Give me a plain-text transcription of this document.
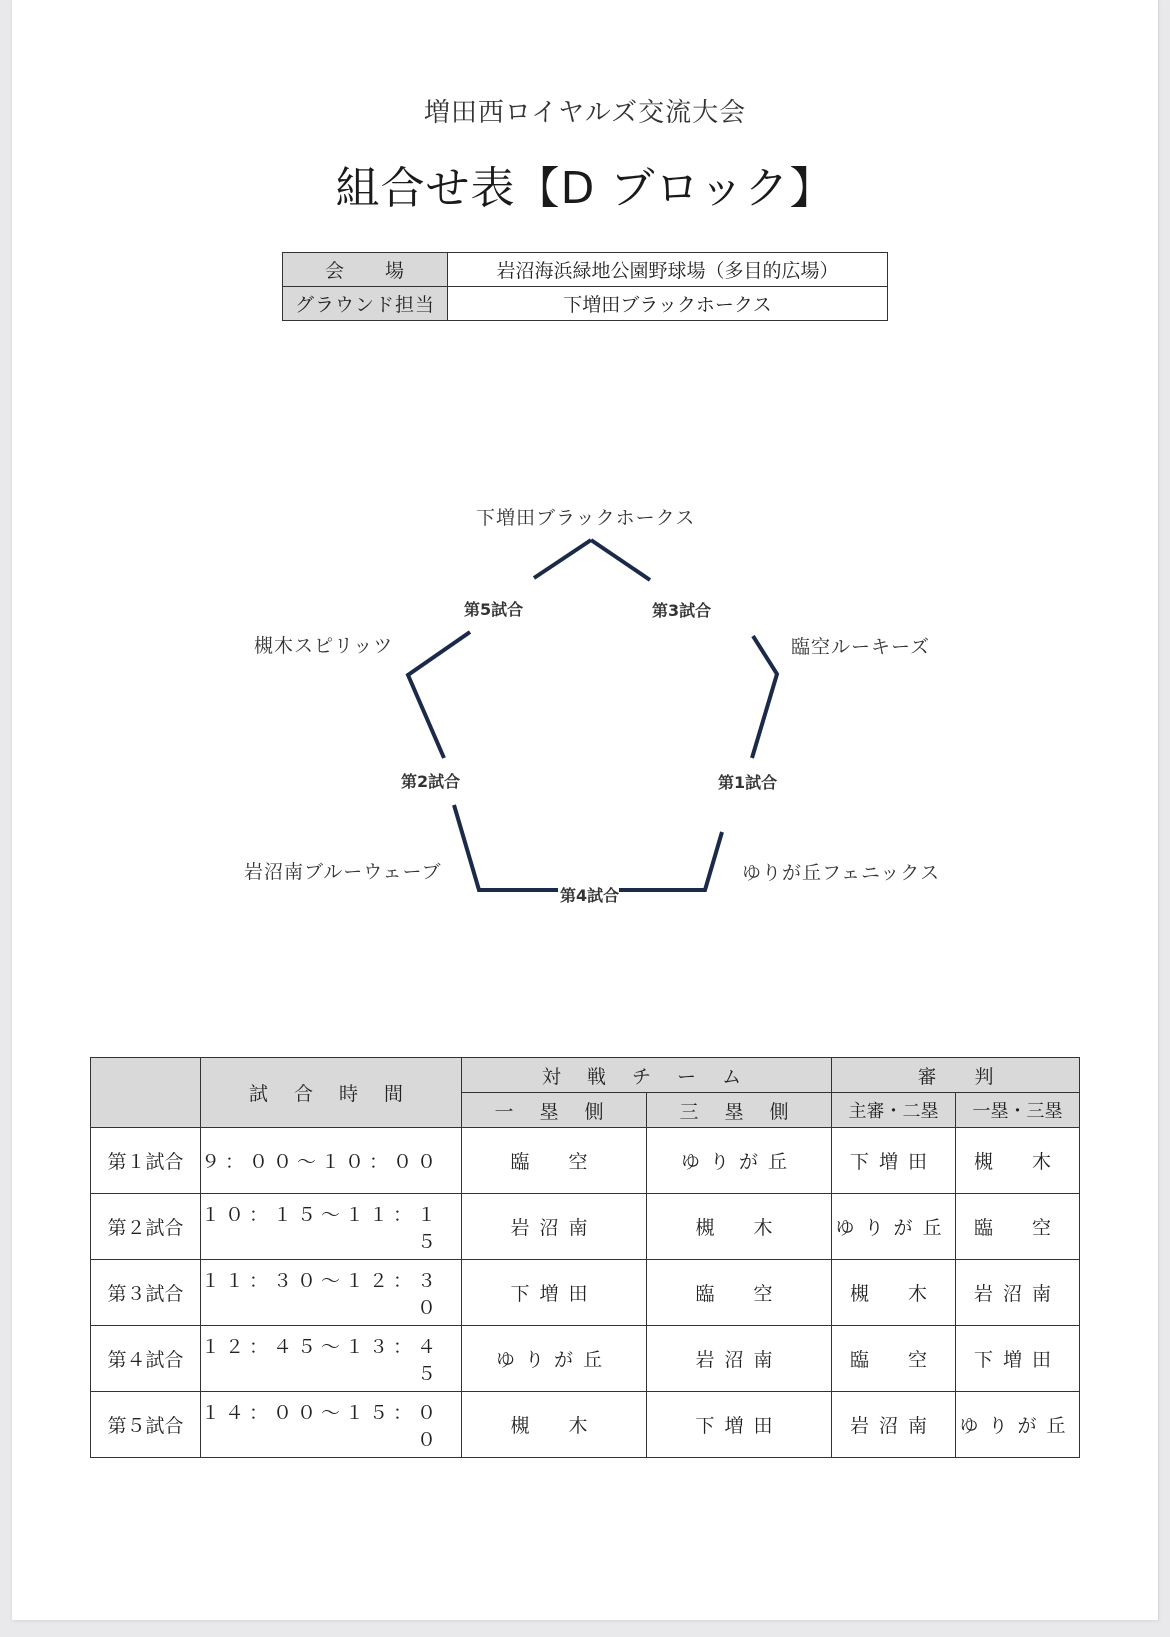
増田西ロイヤルズ交流大会
組合せ表【D ブロック】
会　　場	岩沼海浜緑地公園野球場（多目的広場）
グラウンド担当	下増田ブラックホークス
下増田ブラックホークス
槻木スピリッツ	臨空ルーキーズ
岩沼南ブルーウェーブ	ゆりが丘フェニックス
第5試合	第3試合
第2試合	第1試合
第4試合
	試 合 時 間	対 戦 チ ー ム		審　　判	
		一 塁 側	三 塁 側	主審・二塁	一塁・三塁
第１試合	９：００～１０：００	臨　空	ゆりが丘	下増田	槻　木
第２試合	１０：１５～１１：１５	岩沼南	槻　木	ゆりが丘	臨　空
第３試合	１１：３０～１２：３０	下増田	臨　空	槻　木	岩沼南
第４試合	１２：４５～１３：４５	ゆりが丘	岩沼南	臨　空	下増田
第５試合	１４：００～１５：００	槻　木	下増田	岩沼南	ゆりが丘
